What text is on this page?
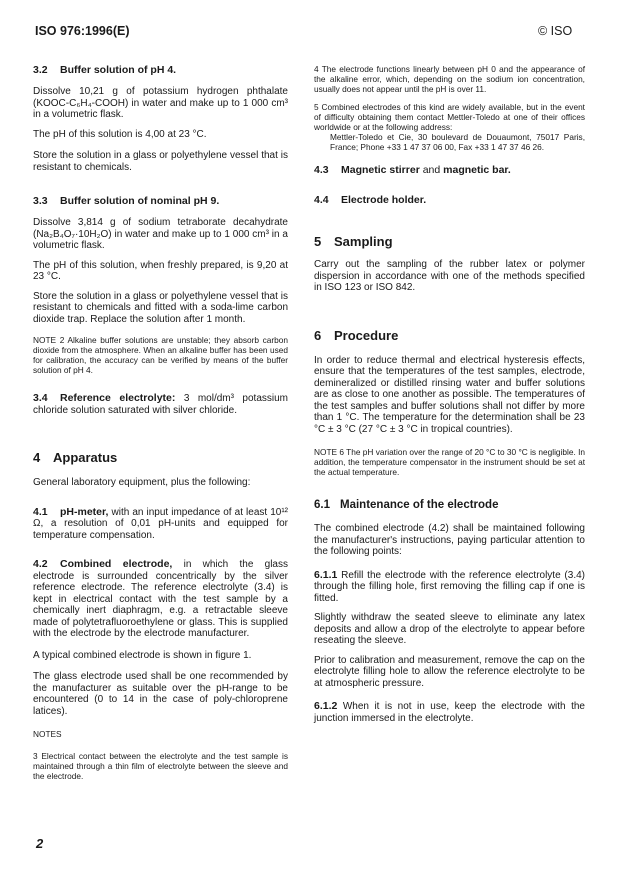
ISO 976:1996(E)	© ISO

3.2 Buffer solution of pH 4.

Dissolve 10,21 g of potassium hydrogen phthalate (KOOC-C₆H₄-COOH) in water and make up to 1 000 cm³ in a volumetric flask.

The pH of this solution is 4,00 at 23 °C.

Store the solution in a glass or polyethylene vessel that is resistant to chemicals.

3.3 Buffer solution of nominal pH 9.

Dissolve 3,814 g of sodium tetraborate decahydrate (Na₂B₄O₇·10H₂O) in water and make up to 1 000 cm³ in a volumetric flask.

The pH of this solution, when freshly prepared, is 9,20 at 23 °C.

Store the solution in a glass or polyethylene vessel that is resistant to chemicals and fitted with a soda-lime carbon dioxide trap. Replace the solution after 1 month.

NOTE 2 Alkaline buffer solutions are unstable; they absorb carbon dioxide from the atmosphere. When an alkaline buffer has been used for calibration, the accuracy can be verified by means of the buffer solution of pH 4.

3.4 Reference electrolyte: 3 mol/dm³ potassium chloride solution saturated with silver chloride.

4 Apparatus

General laboratory equipment, plus the following:

4.1 pH-meter, with an input impedance of at least 10¹² Ω, a resolution of 0,01 pH-units and equipped for temperature compensation.

4.2 Combined electrode, in which the glass electrode is surrounded concentrically by the silver reference electrode. The reference electrolyte (3.4) is kept in electrical contact with the test sample by a chemically inert diaphragm, e.g. a retractable sleeve made of polytetrafluoroethylene or glass. This is supplied with the electrode by the electrode manufacturer.

A typical combined electrode is shown in figure 1.

The glass electrode used shall be one recommended by the manufacturer as suitable over the pH-range to be encountered (0 to 14 in the case of poly-chloroprene latices).

NOTES

3 Electrical contact between the electrolyte and the test sample is maintained through a thin film of electrolyte between the sleeve and the electrode.

4 The electrode functions linearly between pH 0 and the appearance of the alkaline error, which, depending on the sodium ion concentration, usually does not appear until the pH is over 11.

5 Combined electrodes of this kind are widely available, but in the event of difficulty obtaining them contact Mettler-Toledo at one of their offices worldwide or at the following address:

Mettler-Toledo et Cie, 30 boulevard de Douaumont, 75017 Paris, France; Phone +33 1 47 37 06 00, Fax +33 1 47 37 46 26.

4.3 Magnetic stirrer and magnetic bar.

4.4 Electrode holder.

5 Sampling

Carry out the sampling of the rubber latex or polymer dispersion in accordance with one of the methods specified in ISO 123 or ISO 842.

6 Procedure

In order to reduce thermal and electrical hysteresis effects, ensure that the temperatures of the test samples, electrode, demineralized or distilled rinsing water and buffer solutions are as close to one another as possible. The temperatures of the test samples and buffer solutions shall not differ by more than 1 °C. The temperature for the determination shall be 23 °C ± 3 °C (27 °C ± 3 °C in tropical countries).

NOTE 6 The pH variation over the range of 20 °C to 30 °C is negligible. In addition, the temperature compensator in the instrument should be set at the actual temperature.

6.1 Maintenance of the electrode

The combined electrode (4.2) shall be maintained following the manufacturer's instructions, paying particular attention to the following points:

6.1.1 Refill the electrode with the reference electrolyte (3.4) through the filling hole, first removing the filling cap if one is fitted.

Slightly withdraw the seated sleeve to eliminate any latex deposits and allow a drop of the electrolyte to appear before reseating the sleeve.

Prior to calibration and measurement, remove the cap on the electrolyte filling hole to allow the reference electrolyte to be at atmospheric pressure.

6.1.2 When it is not in use, keep the electrode with the junction immersed in the electrolyte.

2
